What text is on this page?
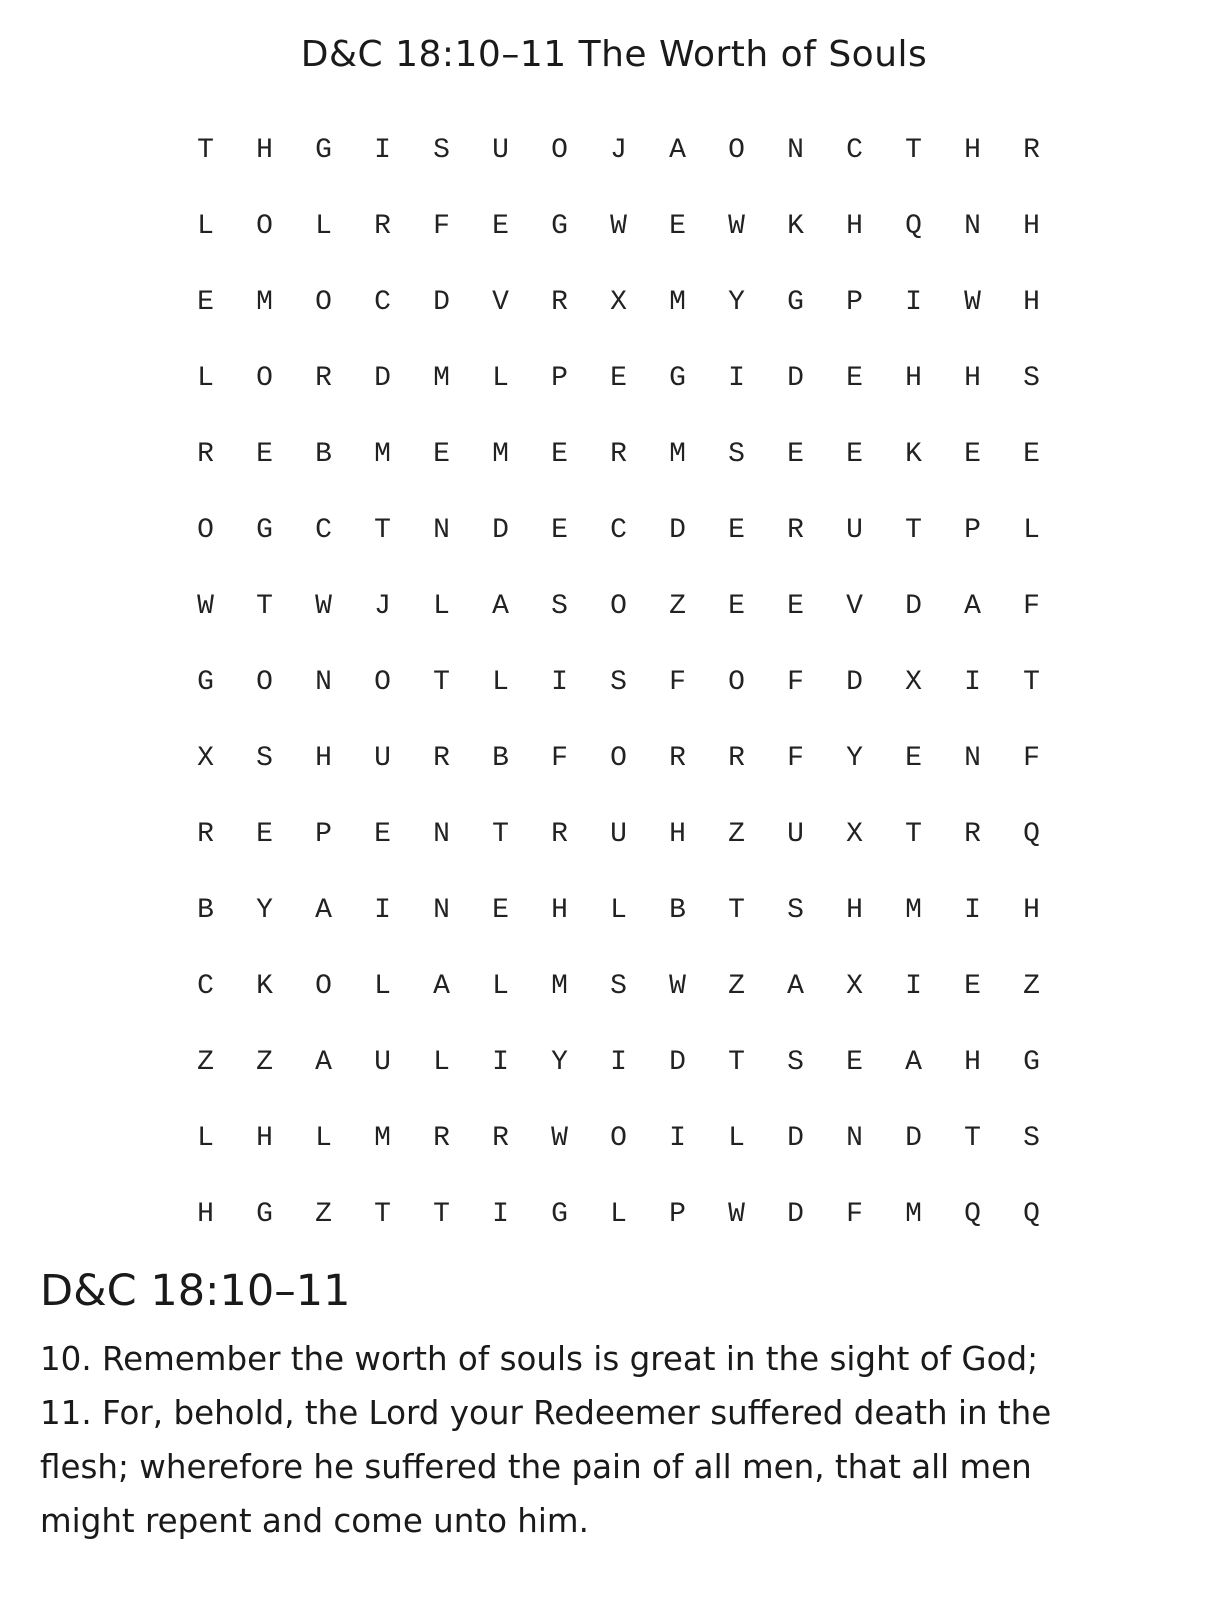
D&C 18:10–11 The Worth of Souls
T	H	G	I	S	U	O	J	A	O	N	C	T	H	R
L	O	L	R	F	E	G	W	E	W	K	H	Q	N	H
E	M	O	C	D	V	R	X	M	Y	G	P	I	W	H
L	O	R	D	M	L	P	E	G	I	D	E	H	H	S
R	E	B	M	E	M	E	R	M	S	E	E	K	E	E
O	G	C	T	N	D	E	C	D	E	R	U	T	P	L
W	T	W	J	L	A	S	O	Z	E	E	V	D	A	F
G	O	N	O	T	L	I	S	F	O	F	D	X	I	T
X	S	H	U	R	B	F	O	R	R	F	Y	E	N	F
R	E	P	E	N	T	R	U	H	Z	U	X	T	R	Q
B	Y	A	I	N	E	H	L	B	T	S	H	M	I	H
C	K	O	L	A	L	M	S	W	Z	A	X	I	E	Z
Z	Z	A	U	L	I	Y	I	D	T	S	E	A	H	G
L	H	L	M	R	R	W	O	I	L	D	N	D	T	S
H	G	Z	T	T	I	G	L	P	W	D	F	M	Q	Q
D&C 18:10–11
10. Remember the worth of souls is great in the sight of God;
11. For, behold, the Lord your Redeemer suffered death in the
flesh; wherefore he suffered the pain of all men, that all men
might repent and come unto him.
